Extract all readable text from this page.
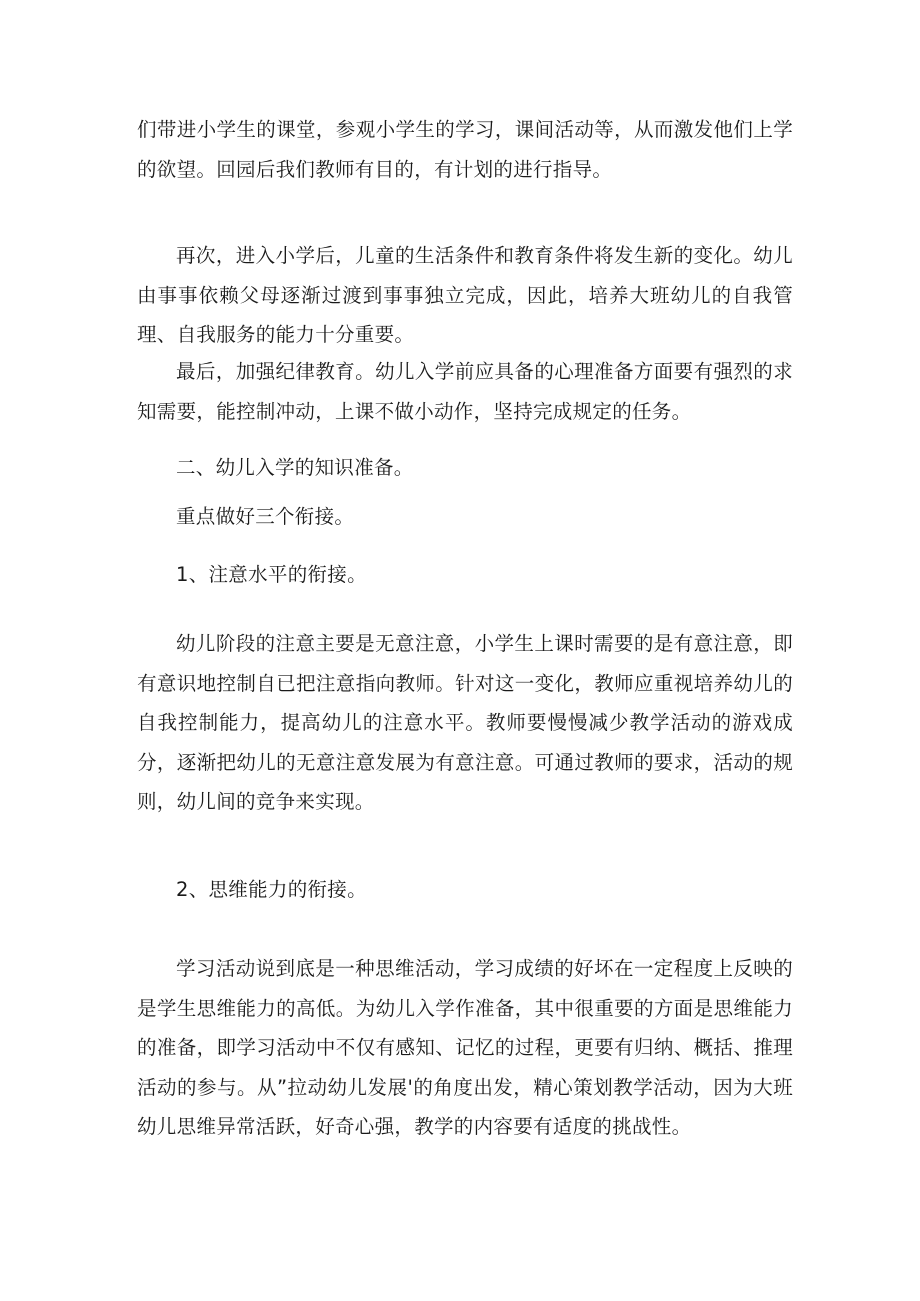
们带进小学生的课堂，参观小学生的学习，课间活动等，从而激发他们上学的欲望。回园后我们教师有目的，有计划的进行指导。

再次，进入小学后，儿童的生活条件和教育条件将发生新的变化。幼儿由事事依赖父母逐渐过渡到事事独立完成，因此，培养大班幼儿的自我管理、自我服务的能力十分重要。

最后，加强纪律教育。幼儿入学前应具备的心理准备方面要有强烈的求知需要，能控制冲动，上课不做小动作，坚持完成规定的任务。

二、幼儿入学的知识准备。

重点做好三个衔接。

1、注意水平的衔接。

幼儿阶段的注意主要是无意注意，小学生上课时需要的是有意注意，即有意识地控制自已把注意指向教师。针对这一变化，教师应重视培养幼儿的自我控制能力，提高幼儿的注意水平。教师要慢慢减少教学活动的游戏成分，逐渐把幼儿的无意注意发展为有意注意。可通过教师的要求，活动的规则，幼儿间的竞争来实现。

2、思维能力的衔接。

学习活动说到底是一种思维活动，学习成绩的好坏在一定程度上反映的是学生思维能力的高低。为幼儿入学作准备，其中很重要的方面是思维能力的准备，即学习活动中不仅有感知、记忆的过程，更要有归纳、概括、推理活动的参与。从”拉动幼儿发展'的角度出发，精心策划教学活动，因为大班幼儿思维异常活跃，好奇心强，教学的内容要有适度的挑战性。
